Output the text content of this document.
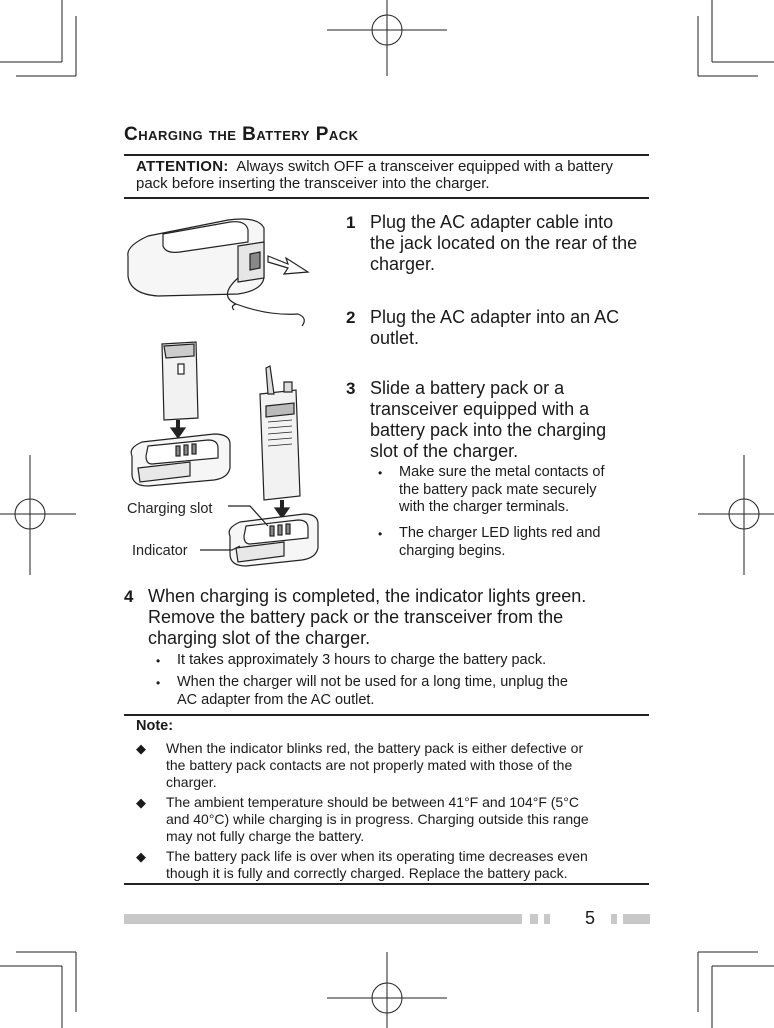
Charging the Battery Pack
ATTENTION: Always switch OFF a transceiver equipped with a battery pack before inserting the transceiver into the charger.
Charging slot
Indicator
1 Plug the AC adapter cable into
the jack located on the rear of the
charger.
2 Plug the AC adapter into an AC
outlet.
3 Slide a battery pack or a
transceiver equipped with a
battery pack into the charging
slot of the charger.
• Make sure the metal contacts of
the battery pack mate securely
with the charger terminals.
• The charger LED lights red and
charging begins.
4 When charging is completed, the indicator lights green.
Remove the battery pack or the transceiver from the
charging slot of the charger.
• It takes approximately 3 hours to charge the battery pack.
• When the charger will not be used for a long time, unplug the
AC adapter from the AC outlet.
Note:
◆ When the indicator blinks red, the battery pack is either defective or
the battery pack contacts are not properly mated with those of the
charger.
◆ The ambient temperature should be between 41°F and 104°F (5°C
and 40°C) while charging is in progress. Charging outside this range
may not fully charge the battery.
◆ The battery pack life is over when its operating time decreases even
though it is fully and correctly charged. Replace the battery pack.
5
